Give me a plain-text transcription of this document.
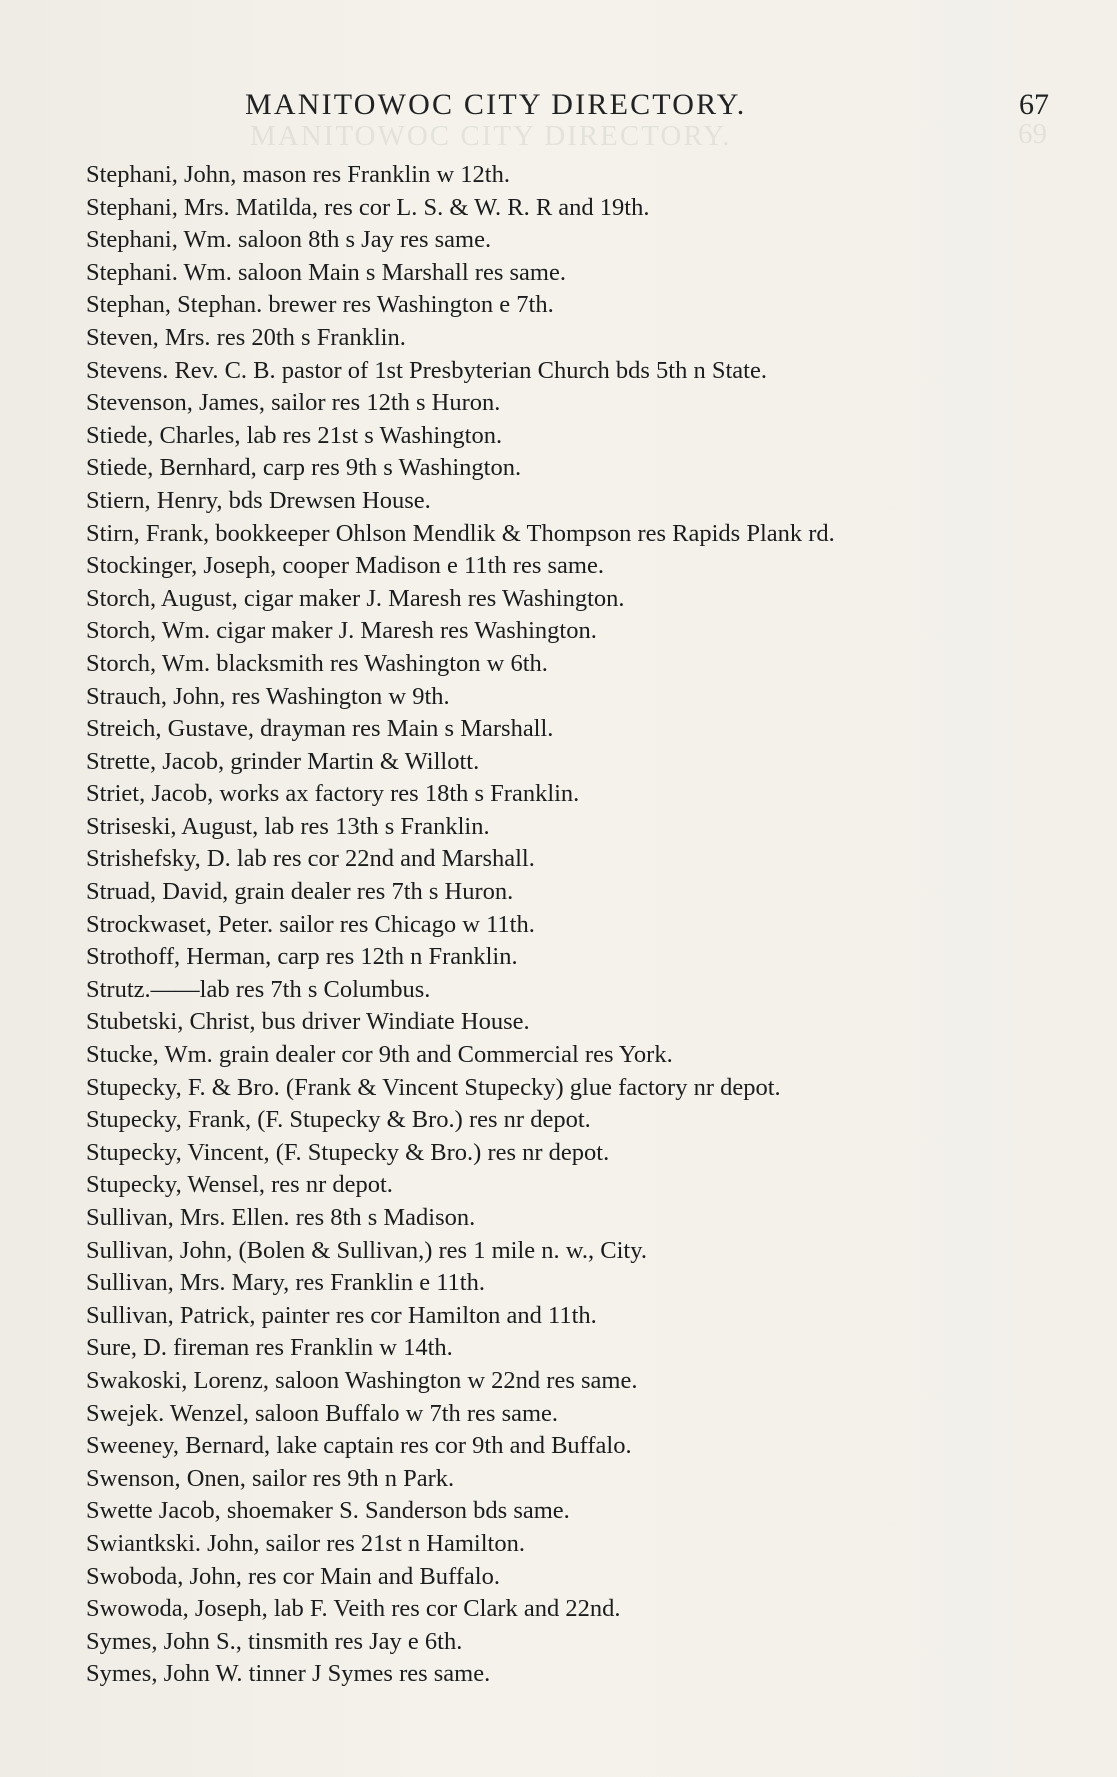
MANITOWOC CITY DIRECTORY.	69
MANITOWOC CITY DIRECTORY.	67
Stephani, John, mason res Franklin w 12th.
Stephani, Mrs. Matilda, res cor L. S. & W. R. R and 19th.
Stephani, Wm. saloon 8th s Jay res same.
Stephani. Wm. saloon Main s Marshall res same.
Stephan, Stephan. brewer res Washington e 7th.
Steven, Mrs. res 20th s Franklin.
Stevens. Rev. C. B. pastor of 1st Presbyterian Church bds 5th n State.
Stevenson, James, sailor res 12th s Huron.
Stiede, Charles, lab res 21st s Washington.
Stiede, Bernhard, carp res 9th s Washington.
Stiern, Henry, bds Drewsen House.
Stirn, Frank, bookkeeper Ohlson Mendlik & Thompson res Rapids Plank rd.
Stockinger, Joseph, cooper Madison e 11th res same.
Storch, August, cigar maker J. Maresh res Washington.
Storch, Wm. cigar maker J. Maresh res Washington.
Storch, Wm. blacksmith res Washington w 6th.
Strauch, John, res Washington w 9th.
Streich, Gustave, drayman res Main s Marshall.
Strette, Jacob, grinder Martin & Willott.
Striet, Jacob, works ax factory res 18th s Franklin.
Striseski, August, lab res 13th s Franklin.
Strishefsky, D. lab res cor 22nd and Marshall.
Struad, David, grain dealer res 7th s Huron.
Strockwaset, Peter. sailor res Chicago w 11th.
Strothoff, Herman, carp res 12th n Franklin.
Strutz.——lab res 7th s Columbus.
Stubetski, Christ, bus driver Windiate House.
Stucke, Wm. grain dealer cor 9th and Commercial res York.
Stupecky, F. & Bro. (Frank & Vincent Stupecky) glue factory nr depot.
Stupecky, Frank, (F. Stupecky & Bro.) res nr depot.
Stupecky, Vincent, (F. Stupecky & Bro.) res nr depot.
Stupecky, Wensel, res nr depot.
Sullivan, Mrs. Ellen. res 8th s Madison.
Sullivan, John, (Bolen & Sullivan,) res 1 mile n. w., City.
Sullivan, Mrs. Mary, res Franklin e 11th.
Sullivan, Patrick, painter res cor Hamilton and 11th.
Sure, D. fireman res Franklin w 14th.
Swakoski, Lorenz, saloon Washington w 22nd res same.
Swejek. Wenzel, saloon Buffalo w 7th res same.
Sweeney, Bernard, lake captain res cor 9th and Buffalo.
Swenson, Onen, sailor res 9th n Park.
Swette Jacob, shoemaker S. Sanderson bds same.
Swiantkski. John, sailor res 21st n Hamilton.
Swoboda, John, res cor Main and Buffalo.
Swowoda, Joseph, lab F. Veith res cor Clark and 22nd.
Symes, John S., tinsmith res Jay e 6th.
Symes, John W. tinner J Symes res same.
